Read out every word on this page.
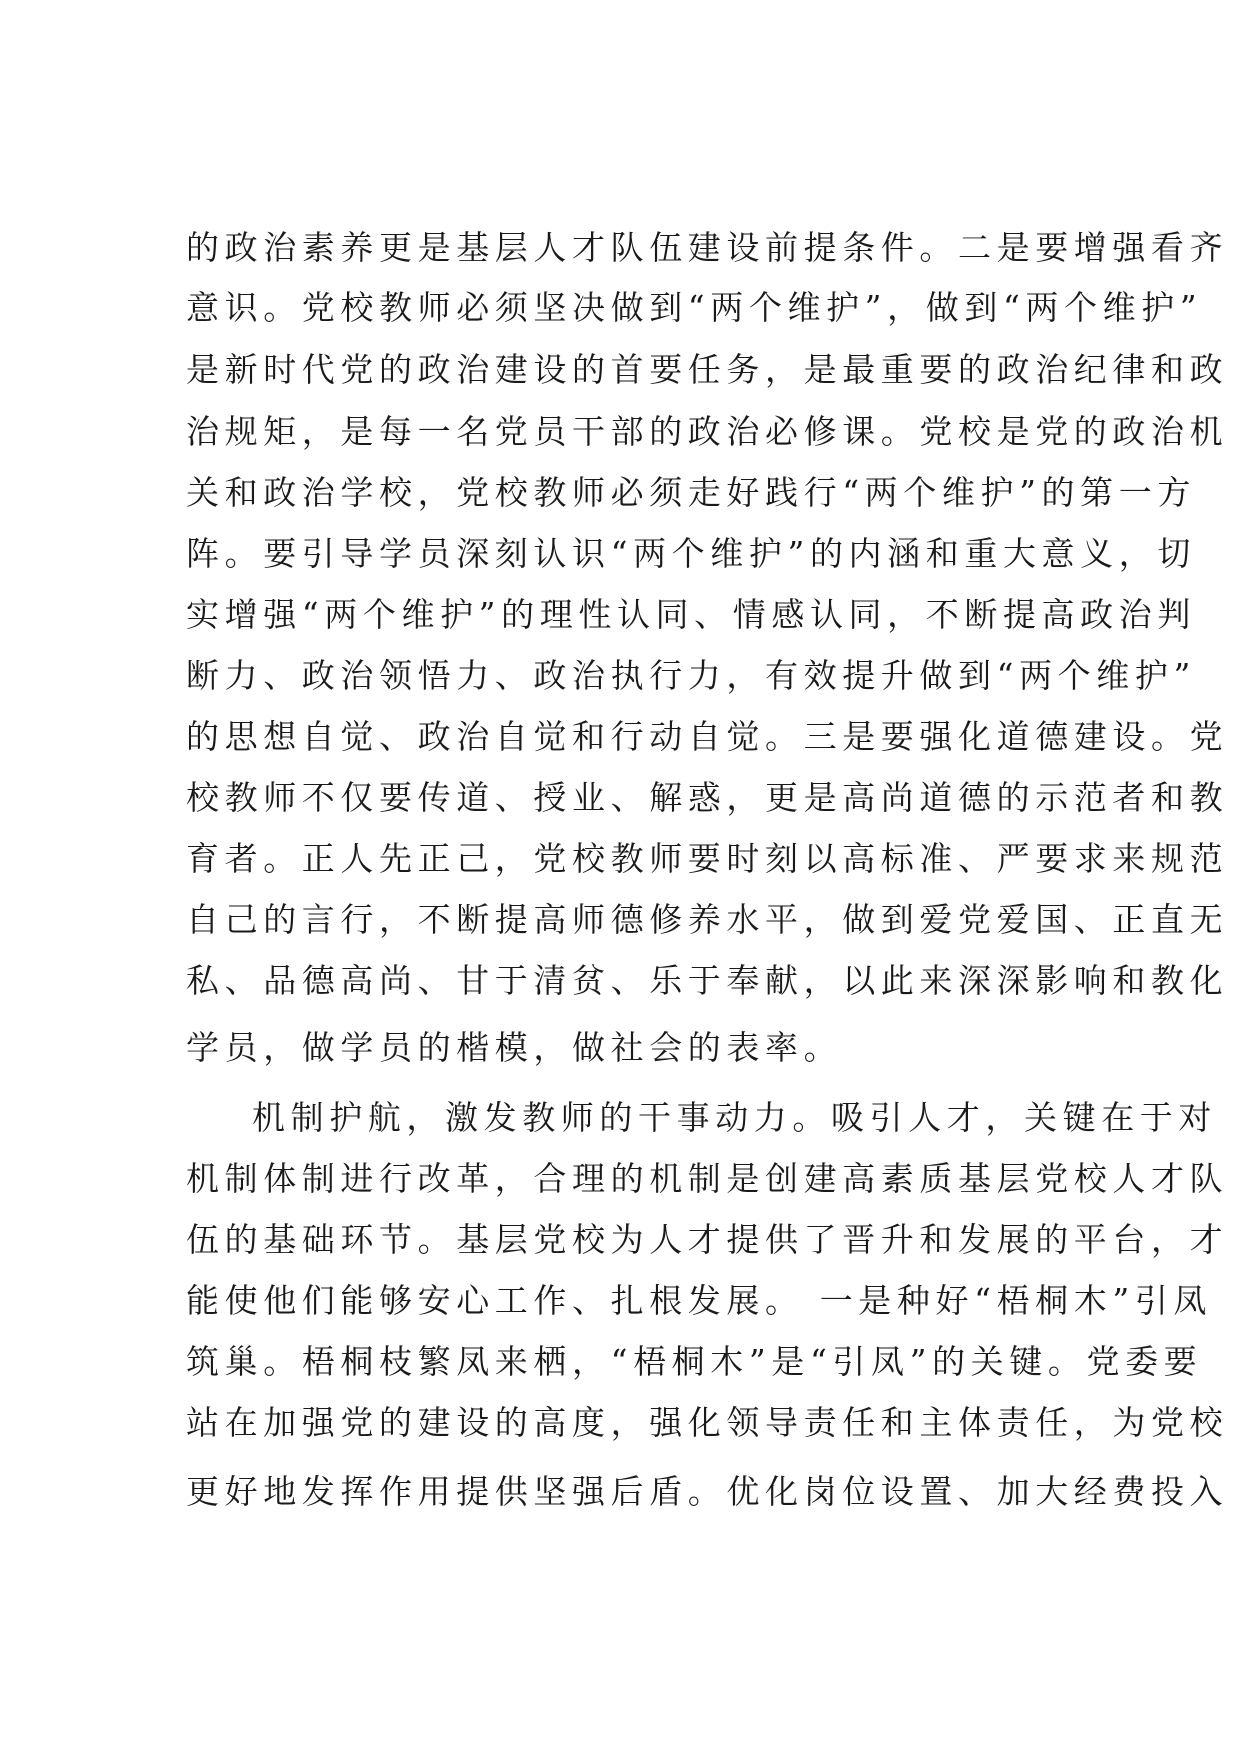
的政治素养更是基层人才队伍建设前提条件。二是要增强看齐
意识。党校教师必须坚决做到“两个维护”，做到“两个维护”
是新时代党的政治建设的首要任务，是最重要的政治纪律和政
治规矩，是每一名党员干部的政治必修课。党校是党的政治机
关和政治学校，党校教师必须走好践行“两个维护”的第一方
阵。要引导学员深刻认识“两个维护”的内涵和重大意义，切
实增强“两个维护”的理性认同、情感认同，不断提高政治判
断力、政治领悟力、政治执行力，有效提升做到“两个维护”
的思想自觉、政治自觉和行动自觉。三是要强化道德建设。党
校教师不仅要传道、授业、解惑，更是高尚道德的示范者和教
育者。正人先正己，党校教师要时刻以高标准、严要求来规范
自己的言行，不断提高师德修养水平，做到爱党爱国、正直无
私、品德高尚、甘于清贫、乐于奉献，以此来深深影响和教化
学员，做学员的楷模，做社会的表率。
机制护航，激发教师的干事动力。吸引人才，关键在于对
机制体制进行改革，合理的机制是创建高素质基层党校人才队
伍的基础环节。基层党校为人才提供了晋升和发展的平台，才
能使他们能够安心工作、扎根发展。 一是种好“梧桐木”引凤
筑巢。梧桐枝繁凤来栖，“梧桐木”是“引凤”的关键。党委要
站在加强党的建设的高度，强化领导责任和主体责任，为党校
更好地发挥作用提供坚强后盾。优化岗位设置、加大经费投入
